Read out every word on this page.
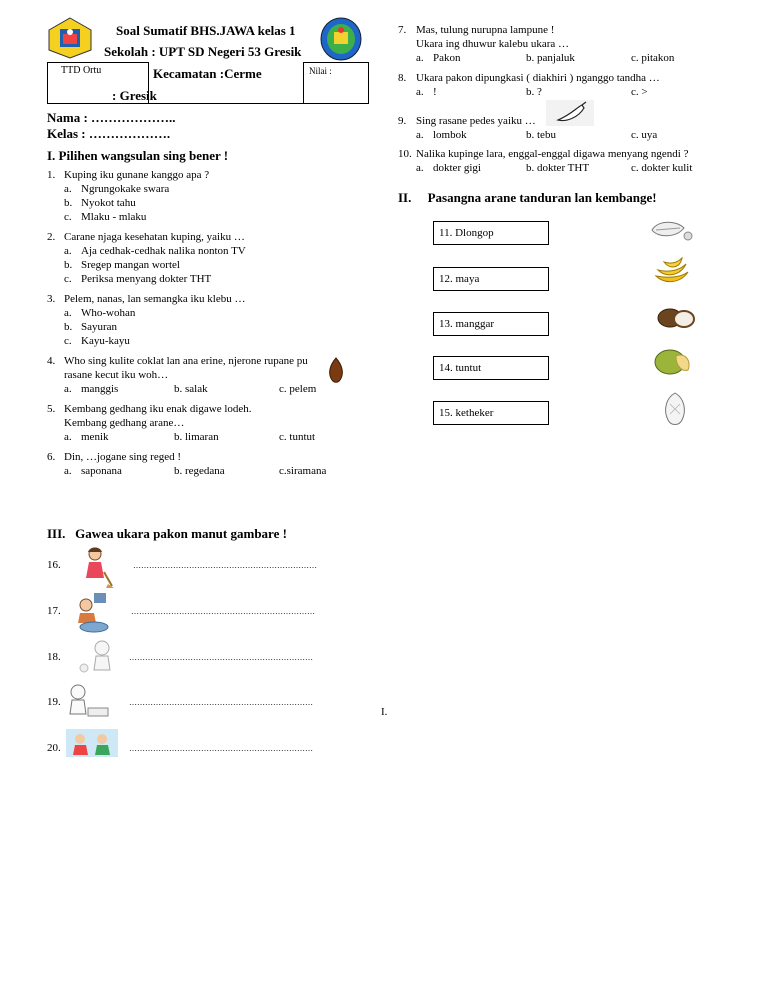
Soal Sumatif BHS.JAWA kelas 1
Sekolah : UPT SD Negeri 53 Gresik
TTD Ortu	Kecamatan :Cerme
: Gresik
Nilai :
Nama : ………………..
Kelas : ……………….
I. Pilihen wangsulan sing bener !
1. Kuping iku gunane kanggo apa ?
a. Ngrungokake swara
b. Nyokot tahu
c. Mlaku - mlaku
2. Carane njaga kesehatan kuping, yaiku …
a. Aja cedhak-cedhak nalika nonton TV
b. Sregep mangan wortel
c. Periksa menyang dokter THT
3. Pelem, nanas, lan semangka iku klebu …
a. Who-wohan
b. Sayuran
c. Kayu-kayu
4. Who sing kulite coklat lan ana erine, njerone rupane pu
rasane kecut iku woh…
a. manggis	b. salak	c. pelem
5. Kembang gedhang iku enak digawe lodeh.
Kembang gedhang arane…
a. menik	b. limaran	c. tuntut
6. Din, …jogane sing reged !
a. saponana	b. regedana	c.siramana
7. Mas, tulung nurupna lampune !
Ukara ing dhuwur kalebu ukara …
a. Pakon	b. panjaluk	c. pitakon
8. Ukara pakon dipungkasi ( diakhiri ) nganggo tandha …
a. !	b. ?	c. >
9. Sing rasane pedes yaiku …
a. lombok	b. tebu	c. uya
10. Nalika kupinge lara, enggal-enggal digawa menyang ngendi ?
a. dokter gigi	b. dokter THT	c. dokter kulit
II.     Pasangna arane tanduran lan kembange!
11. Dlongop
12. maya
13. manggar
14. tuntut
15. ketheker
III.   Gawea ukara pakon manut gambare !
16.	……………………………………………………………
17.	……………………………………………………………
18.	……………………………………………………………
19.	……………………………………………………………
20.	……………………………………………………………
I.
